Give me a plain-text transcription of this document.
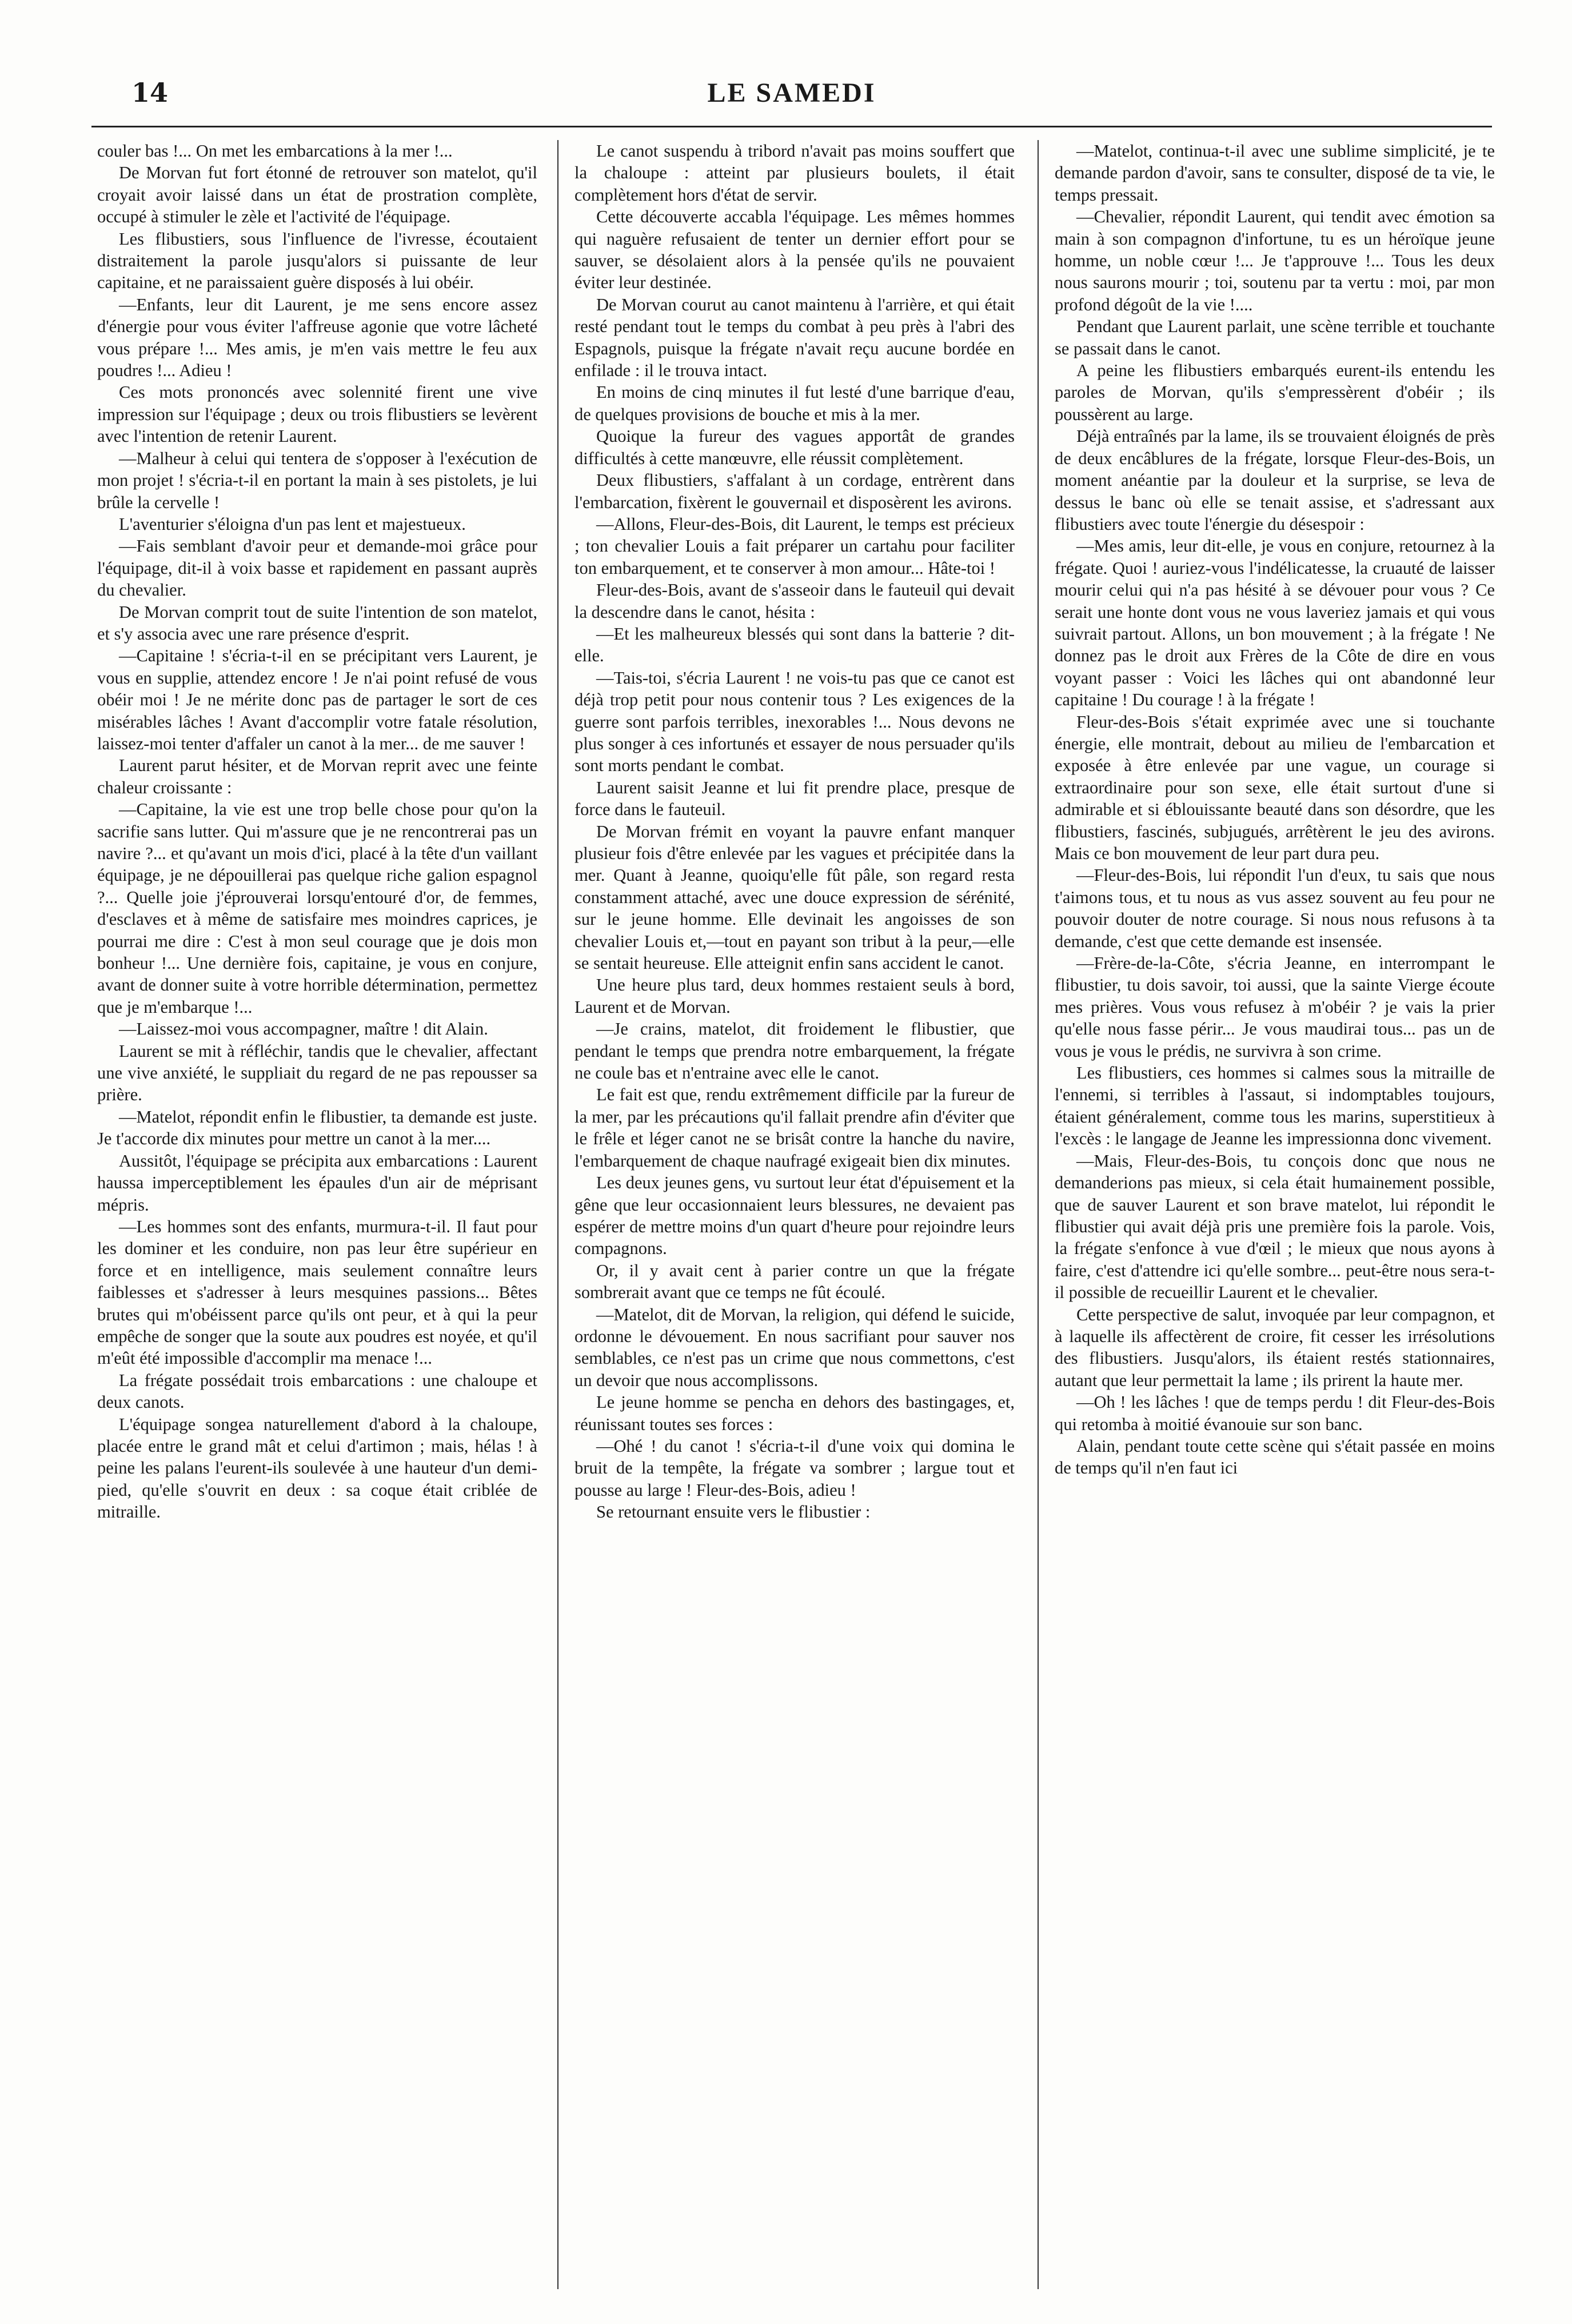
14	LE SAMEDI

couler bas !... On met les embarcations à la mer !...

De Morvan fut fort étonné de retrouver son matelot, qu'il croyait avoir laissé dans un état de prostration complète, occupé à stimuler le zèle et l'activité de l'équipage.

Les flibustiers, sous l'influence de l'ivresse, écoutaient distraitement la parole jusqu'alors si puissante de leur capitaine, et ne paraissaient guère disposés à lui obéir.

—Enfants, leur dit Laurent, je me sens encore assez d'énergie pour vous éviter l'affreuse agonie que votre lâcheté vous prépare !... Mes amis, je m'en vais mettre le feu aux poudres !... Adieu !

Ces mots prononcés avec solennité firent une vive impression sur l'équipage ; deux ou trois flibustiers se levèrent avec l'intention de retenir Laurent.

—Malheur à celui qui tentera de s'opposer à l'exécution de mon projet ! s'écria-t-il en portant la main à ses pistolets, je lui brûle la cervelle !

L'aventurier s'éloigna d'un pas lent et majestueux.

—Fais semblant d'avoir peur et demande-moi grâce pour l'équipage, dit-il à voix basse et rapidement en passant auprès du chevalier.

De Morvan comprit tout de suite l'intention de son matelot, et s'y associa avec une rare présence d'esprit.

—Capitaine ! s'écria-t-il en se précipitant vers Laurent, je vous en supplie, attendez encore ! Je n'ai point refusé de vous obéir moi ! Je ne mérite donc pas de partager le sort de ces misérables lâches ! Avant d'accomplir votre fatale résolution, laissez-moi tenter d'affaler un canot à la mer... de me sauver !

Laurent parut hésiter, et de Morvan reprit avec une feinte chaleur croissante :

—Capitaine, la vie est une trop belle chose pour qu'on la sacrifie sans lutter. Qui m'assure que je ne rencontrerai pas un navire ?... et qu'avant un mois d'ici, placé à la tête d'un vaillant équipage, je ne dépouillerai pas quelque riche galion espagnol ?... Quelle joie j'éprouverai lorsqu'entouré d'or, de femmes, d'esclaves et à même de satisfaire mes moindres caprices, je pourrai me dire : C'est à mon seul courage que je dois mon bonheur !... Une dernière fois, capitaine, je vous en conjure, avant de donner suite à votre horrible détermination, permettez que je m'embarque !...

—Laissez-moi vous accompagner, maître ! dit Alain.

Laurent se mit à réfléchir, tandis que le chevalier, affectant une vive anxiété, le suppliait du regard de ne pas repousser sa prière.

—Matelot, répondit enfin le flibustier, ta demande est juste. Je t'accorde dix minutes pour mettre un canot à la mer....

Aussitôt, l'équipage se précipita aux embarcations : Laurent haussa imperceptiblement les épaules d'un air de méprisant mépris.

—Les hommes sont des enfants, murmura-t-il. Il faut pour les dominer et les conduire, non pas leur être supérieur en force et en intelligence, mais seulement connaître leurs faiblesses et s'adresser à leurs mesquines passions... Bêtes brutes qui m'obéissent parce qu'ils ont peur, et à qui la peur empêche de songer que la soute aux poudres est noyée, et qu'il m'eût été impossible d'accomplir ma menace !...

La frégate possédait trois embarcations : une chaloupe et deux canots.

L'équipage songea naturellement d'abord à la chaloupe, placée entre le grand mât et celui d'artimon ; mais, hélas ! à peine les palans l'eurent-ils soulevée à une hauteur d'un demi-pied, qu'elle s'ouvrit en deux : sa coque était criblée de mitraille.

Le canot suspendu à tribord n'avait pas moins souffert que la chaloupe : atteint par plusieurs boulets, il était complètement hors d'état de servir.

Cette découverte accabla l'équipage. Les mêmes hommes qui naguère refusaient de tenter un dernier effort pour se sauver, se désolaient alors à la pensée qu'ils ne pouvaient éviter leur destinée.

De Morvan courut au canot maintenu à l'arrière, et qui était resté pendant tout le temps du combat à peu près à l'abri des Espagnols, puisque la frégate n'avait reçu aucune bordée en enfilade : il le trouva intact.

En moins de cinq minutes il fut lesté d'une barrique d'eau, de quelques provisions de bouche et mis à la mer.

Quoique la fureur des vagues apportât de grandes difficultés à cette manœuvre, elle réussit complètement.

Deux flibustiers, s'affalant à un cordage, entrèrent dans l'embarcation, fixèrent le gouvernail et disposèrent les avirons.

—Allons, Fleur-des-Bois, dit Laurent, le temps est précieux ; ton chevalier Louis a fait préparer un cartahu pour faciliter ton embarquement, et te conserver à mon amour... Hâte-toi !

Fleur-des-Bois, avant de s'asseoir dans le fauteuil qui devait la descendre dans le canot, hésita :

—Et les malheureux blessés qui sont dans la batterie ? dit-elle.

—Tais-toi, s'écria Laurent ! ne vois-tu pas que ce canot est déjà trop petit pour nous contenir tous ? Les exigences de la guerre sont parfois terribles, inexorables !... Nous devons ne plus songer à ces infortunés et essayer de nous persuader qu'ils sont morts pendant le combat.

Laurent saisit Jeanne et lui fit prendre place, presque de force dans le fauteuil.

De Morvan frémit en voyant la pauvre enfant manquer plusieur fois d'être enlevée par les vagues et précipitée dans la mer. Quant à Jeanne, quoiqu'elle fût pâle, son regard resta constamment attaché, avec une douce expression de sérénité, sur le jeune homme. Elle devinait les angoisses de son chevalier Louis et,—tout en payant son tribut à la peur,—elle se sentait heureuse. Elle atteignit enfin sans accident le canot.

Une heure plus tard, deux hommes restaient seuls à bord, Laurent et de Morvan.

—Je crains, matelot, dit froidement le flibustier, que pendant le temps que prendra notre embarquement, la frégate ne coule bas et n'entraine avec elle le canot.

Le fait est que, rendu extrêmement difficile par la fureur de la mer, par les précautions qu'il fallait prendre afin d'éviter que le frêle et léger canot ne se brisât contre la hanche du navire, l'embarquement de chaque naufragé exigeait bien dix minutes.

Les deux jeunes gens, vu surtout leur état d'épuisement et la gêne que leur occasionnaient leurs blessures, ne devaient pas espérer de mettre moins d'un quart d'heure pour rejoindre leurs compagnons.

Or, il y avait cent à parier contre un que la frégate sombrerait avant que ce temps ne fût écoulé.

—Matelot, dit de Morvan, la religion, qui défend le suicide, ordonne le dévouement. En nous sacrifiant pour sauver nos semblables, ce n'est pas un crime que nous commettons, c'est un devoir que nous accomplissons.

Le jeune homme se pencha en dehors des bastingages, et, réunissant toutes ses forces :

—Ohé ! du canot ! s'écria-t-il d'une voix qui domina le bruit de la tempête, la frégate va sombrer ; largue tout et pousse au large ! Fleur-des-Bois, adieu !

Se retournant ensuite vers le flibustier :

—Matelot, continua-t-il avec une sublime simplicité, je te demande pardon d'avoir, sans te consulter, disposé de ta vie, le temps pressait.

—Chevalier, répondit Laurent, qui tendit avec émotion sa main à son compagnon d'infortune, tu es un héroïque jeune homme, un noble cœur !... Je t'approuve !... Tous les deux nous saurons mourir ; toi, soutenu par ta vertu : moi, par mon profond dégoût de la vie !....

Pendant que Laurent parlait, une scène terrible et touchante se passait dans le canot.

A peine les flibustiers embarqués eurent-ils entendu les paroles de Morvan, qu'ils s'empressèrent d'obéir ; ils poussèrent au large.

Déjà entraînés par la lame, ils se trouvaient éloignés de près de deux encâblures de la frégate, lorsque Fleur-des-Bois, un moment anéantie par la douleur et la surprise, se leva de dessus le banc où elle se tenait assise, et s'adressant aux flibustiers avec toute l'énergie du désespoir :

—Mes amis, leur dit-elle, je vous en conjure, retournez à la frégate. Quoi ! auriez-vous l'indélicatesse, la cruauté de laisser mourir celui qui n'a pas hésité à se dévouer pour vous ? Ce serait une honte dont vous ne vous laveriez jamais et qui vous suivrait partout. Allons, un bon mouvement ; à la frégate ! Ne donnez pas le droit aux Frères de la Côte de dire en vous voyant passer : Voici les lâches qui ont abandonné leur capitaine ! Du courage ! à la frégate !

Fleur-des-Bois s'était exprimée avec une si touchante énergie, elle montrait, debout au milieu de l'embarcation et exposée à être enlevée par une vague, un courage si extraordinaire pour son sexe, elle était surtout d'une si admirable et si éblouissante beauté dans son désordre, que les flibustiers, fascinés, subjugués, arrêtèrent le jeu des avirons. Mais ce bon mouvement de leur part dura peu.

—Fleur-des-Bois, lui répondit l'un d'eux, tu sais que nous t'aimons tous, et tu nous as vus assez souvent au feu pour ne pouvoir douter de notre courage. Si nous nous refusons à ta demande, c'est que cette demande est insensée.

—Frère-de-la-Côte, s'écria Jeanne, en interrompant le flibustier, tu dois savoir, toi aussi, que la sainte Vierge écoute mes prières. Vous vous refusez à m'obéir ? je vais la prier qu'elle nous fasse périr... Je vous maudirai tous... pas un de vous je vous le prédis, ne survivra à son crime.

Les flibustiers, ces hommes si calmes sous la mitraille de l'ennemi, si terribles à l'assaut, si indomptables toujours, étaient généralement, comme tous les marins, superstitieux à l'excès : le langage de Jeanne les impressionna donc vivement.

—Mais, Fleur-des-Bois, tu conçois donc que nous ne demanderions pas mieux, si cela était humainement possible, que de sauver Laurent et son brave matelot, lui répondit le flibustier qui avait déjà pris une première fois la parole. Vois, la frégate s'enfonce à vue d'œil ; le mieux que nous ayons à faire, c'est d'attendre ici qu'elle sombre... peut-être nous sera-t-il possible de recueillir Laurent et le chevalier.

Cette perspective de salut, invoquée par leur compagnon, et à laquelle ils affectèrent de croire, fit cesser les irrésolutions des flibustiers. Jusqu'alors, ils étaient restés stationnaires, autant que leur permettait la lame ; ils prirent la haute mer.

—Oh ! les lâches ! que de temps perdu ! dit Fleur-des-Bois qui retomba à moitié évanouie sur son banc.

Alain, pendant toute cette scène qui s'était passée en moins de temps qu'il n'en faut ici
